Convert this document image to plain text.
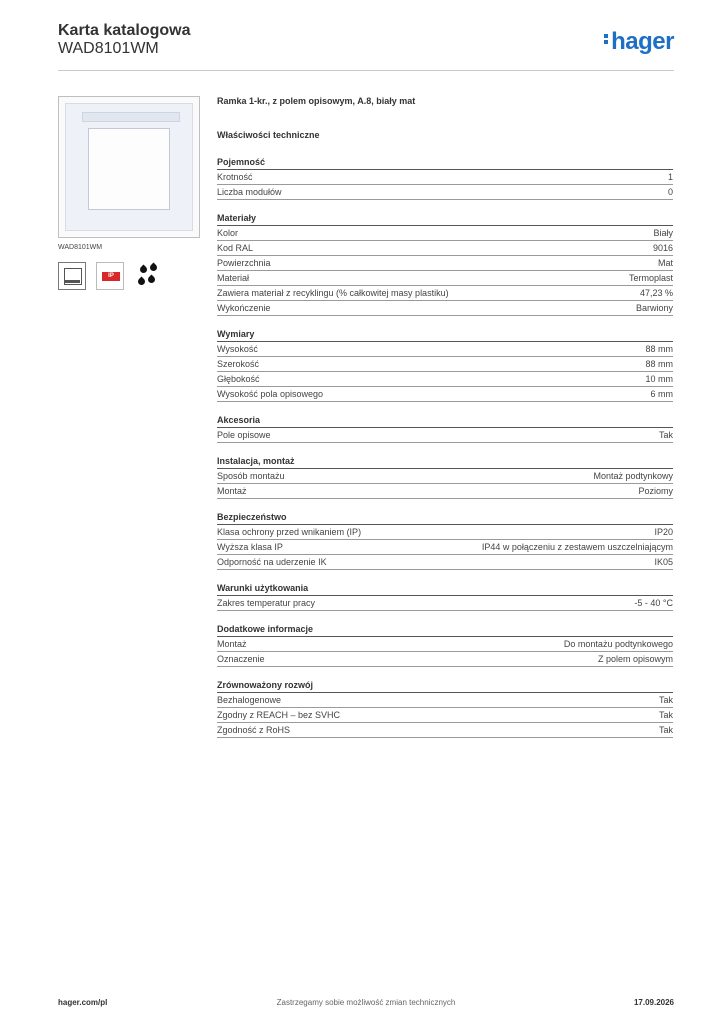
Karta katalogowa
WAD8101WM	hager
WAD8101WM
IP
Ramka 1-kr., z polem opisowym, A.8, biały mat
Właściwości techniczne
Pojemność
Krotność	1
Liczba modułów	0
Materiały
Kolor	Biały
Kod RAL	9016
Powierzchnia	Mat
Materiał	Termoplast
Zawiera materiał z recyklingu (% całkowitej masy plastiku)	47,23 %
Wykończenie	Barwiony
Wymiary
Wysokość	88 mm
Szerokość	88 mm
Głębokość	10 mm
Wysokość pola opisowego	6 mm
Akcesoria
Pole opisowe	Tak
Instalacja, montaż
Sposób montażu	Montaż podtynkowy
Montaż	Poziomy
Bezpieczeństwo
Klasa ochrony przed wnikaniem (IP)	IP20
Wyższa klasa IP	IP44 w połączeniu z zestawem uszczelniającym
Odporność na uderzenie IK	IK05
Warunki użytkowania
Zakres temperatur pracy	-5 - 40 °C
Dodatkowe informacje
Montaż	Do montażu podtynkowego
Oznaczenie	Z polem opisowym
Zrównoważony rozwój
Bezhalogenowe	Tak
Zgodny z REACH – bez SVHC	Tak
Zgodność z RoHS	Tak
hager.com/pl	Zastrzegamy sobie możliwość zmian technicznych	17.09.2026
